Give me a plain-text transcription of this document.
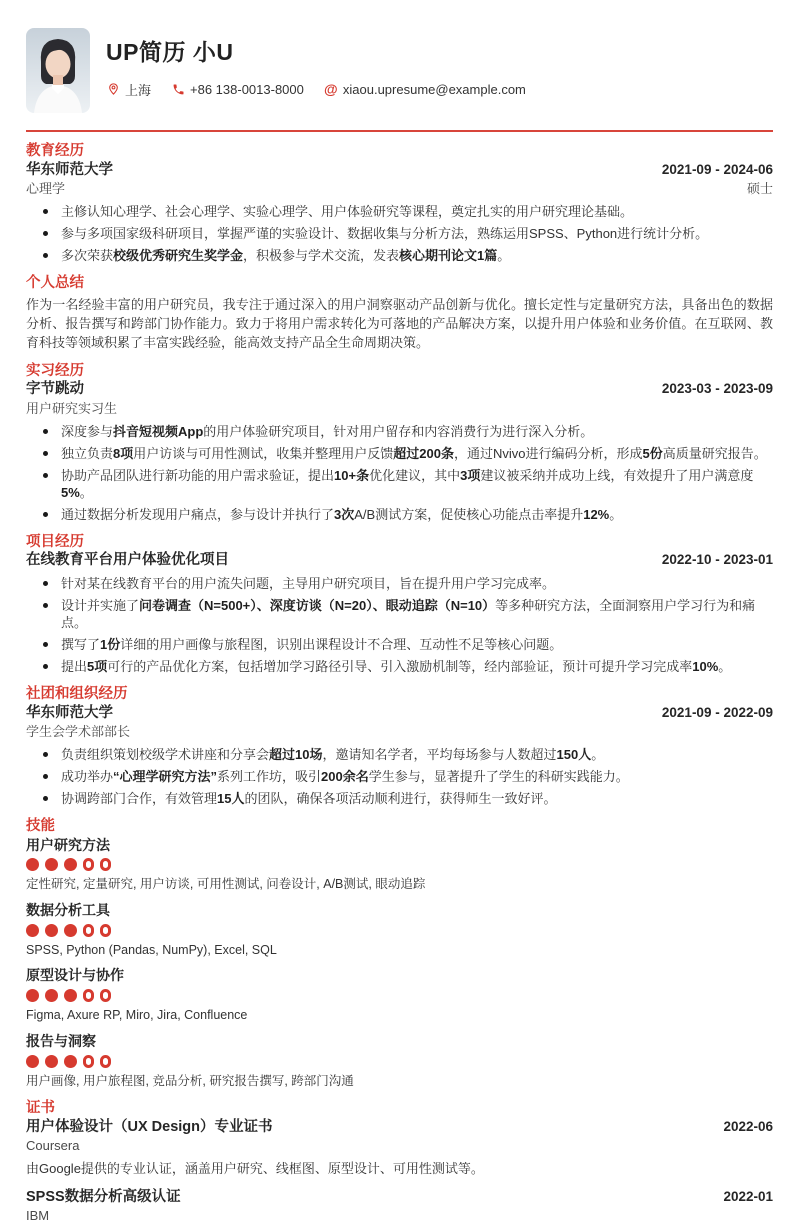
UP简历 小U
上海	+86 138-0013-8000 @ xiaou.upresume@example.com
教育经历
华东师范大学	2021-09 - 2024-06
心理学	硕士
主修认知心理学、社会心理学、实验心理学、用户体验研究等课程，奠定扎实的用户研究理论基础。
参与多项国家级科研项目，掌握严谨的实验设计、数据收集与分析方法，熟练运用SPSS、Python进行统计分析。
多次荣获校级优秀研究生奖学金，积极参与学术交流，发表核心期刊论文1篇。
个人总结
作为一名经验丰富的用户研究员，我专注于通过深入的用户洞察驱动产品创新与优化。擅长定性与定量研究方法，具备出色的数据分析、报告撰写和跨部门协作能力。致力于将用户需求转化为可落地的产品解决方案，以提升用户体验和业务价值。在互联网、教育科技等领域积累了丰富实践经验，能高效支持产品全生命周期决策。
实习经历
字节跳动	2023-03 - 2023-09
用户研究实习生
深度参与抖音短视频App的用户体验研究项目，针对用户留存和内容消费行为进行深入分析。
独立负责8项用户访谈与可用性测试，收集并整理用户反馈超过200条，通过Nvivo进行编码分析，形成5份高质量研究报告。
协助产品团队进行新功能的用户需求验证，提出10+条优化建议，其中3项建议被采纳并成功上线，有效提升了用户满意度5%。
通过数据分析发现用户痛点，参与设计并执行了3次A/B测试方案，促使核心功能点击率提升12%。
项目经历
在线教育平台用户体验优化项目	2022-10 - 2023-01
针对某在线教育平台的用户流失问题，主导用户研究项目，旨在提升用户学习完成率。
设计并实施了问卷调查（N=500+）、深度访谈（N=20）、眼动追踪（N=10）等多种研究方法，全面洞察用户学习行为和痛点。
撰写了1份详细的用户画像与旅程图，识别出课程设计不合理、互动性不足等核心问题。
提出5项可行的产品优化方案，包括增加学习路径引导、引入激励机制等，经内部验证，预计可提升学习完成率10%。
社团和组织经历
华东师范大学	2021-09 - 2022-09
学生会学术部部长
负责组织策划校级学术讲座和分享会超过10场，邀请知名学者，平均每场参与人数超过150人。
成功举办“心理学研究方法”系列工作坊，吸引200余名学生参与，显著提升了学生的科研实践能力。
协调跨部门合作，有效管理15人的团队，确保各项活动顺利进行，获得师生一致好评。
技能
用户研究方法
定性研究, 定量研究, 用户访谈, 可用性测试, 问卷设计, A/B测试, 眼动追踪
数据分析工具
SPSS, Python (Pandas, NumPy), Excel, SQL
原型设计与协作
Figma, Axure RP, Miro, Jira, Confluence
报告与洞察
用户画像, 用户旅程图, 竞品分析, 研究报告撰写, 跨部门沟通
证书
用户体验设计（UX Design）专业证书	2022-06
Coursera
由Google提供的专业认证，涵盖用户研究、线框图、原型设计、可用性测试等。
SPSS数据分析高级认证	2022-01
IBM
